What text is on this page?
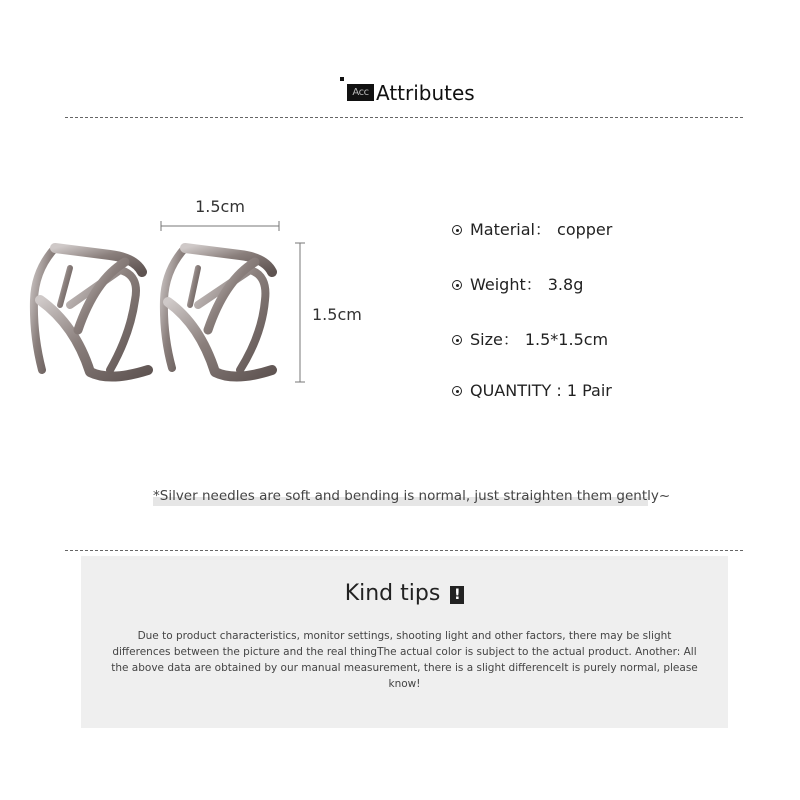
Acc Attributes
1.5cm
1.5cm
Material： copper
Weight： 3.8g
Size： 1.5*1.5cm
QUANTITY : 1 Pair
*Silver needles are soft and bending is normal, just straighten them gently~
Kind tips !
Due to product characteristics, monitor settings, shooting light and other factors, there may be slight differences between the picture and the real thingThe actual color is subject to the actual product. Another: All the above data are obtained by our manual measurement, there is a slight differenceIt is purely normal, please know!
